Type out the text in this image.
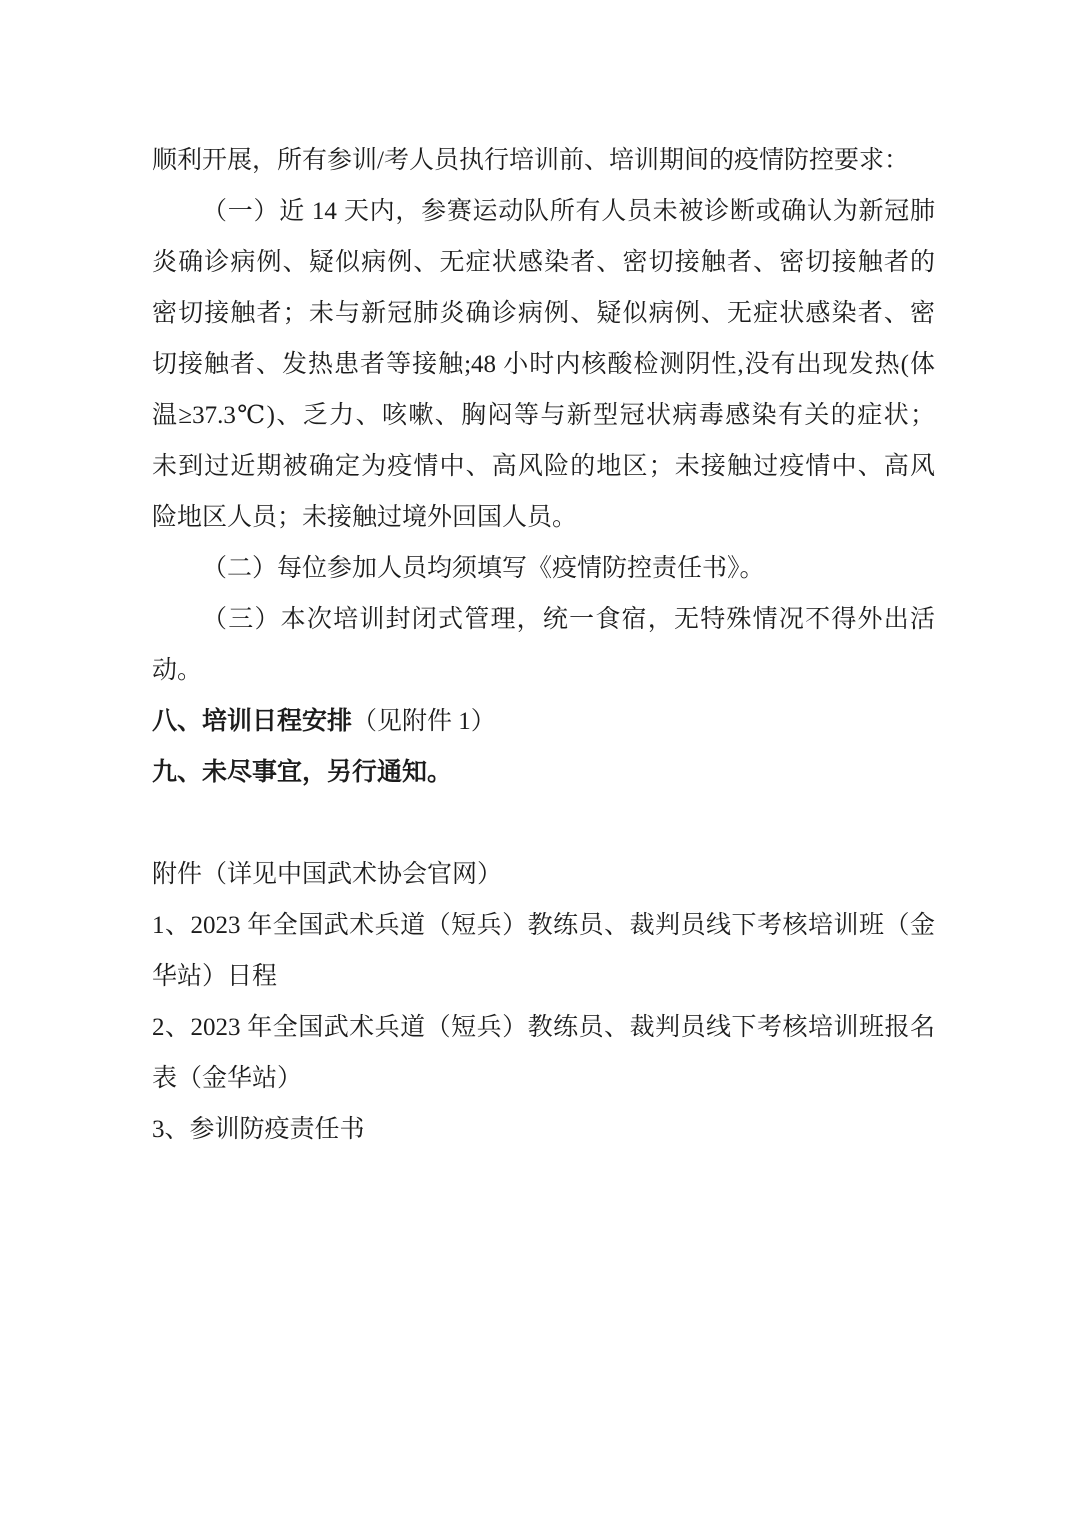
顺利开展，所有参训/考人员执行培训前、培训期间的疫情防控要求：
（一）近 14 天内，参赛运动队所有人员未被诊断或确认为新冠肺
炎确诊病例、疑似病例、无症状感染者、密切接触者、密切接触者的
密切接触者；未与新冠肺炎确诊病例、疑似病例、无症状感染者、密
切接触者、发热患者等接触;48 小时内核酸检测阴性,没有出现发热(体
温≥37.3℃)、乏力、咳嗽、胸闷等与新型冠状病毒感染有关的症状；
未到过近期被确定为疫情中、高风险的地区；未接触过疫情中、高风
险地区人员；未接触过境外回国人员。
（二）每位参加人员均须填写《疫情防控责任书》。
（三）本次培训封闭式管理，统一食宿，无特殊情况不得外出活
动。
八、培训日程安排（见附件 1）
九、未尽事宜，另行通知。
附件（详见中国武术协会官网）
1、2023 年全国武术兵道（短兵）教练员、裁判员线下考核培训班（金
华站）日程
2、2023 年全国武术兵道（短兵）教练员、裁判员线下考核培训班报名
表（金华站）
3、参训防疫责任书
